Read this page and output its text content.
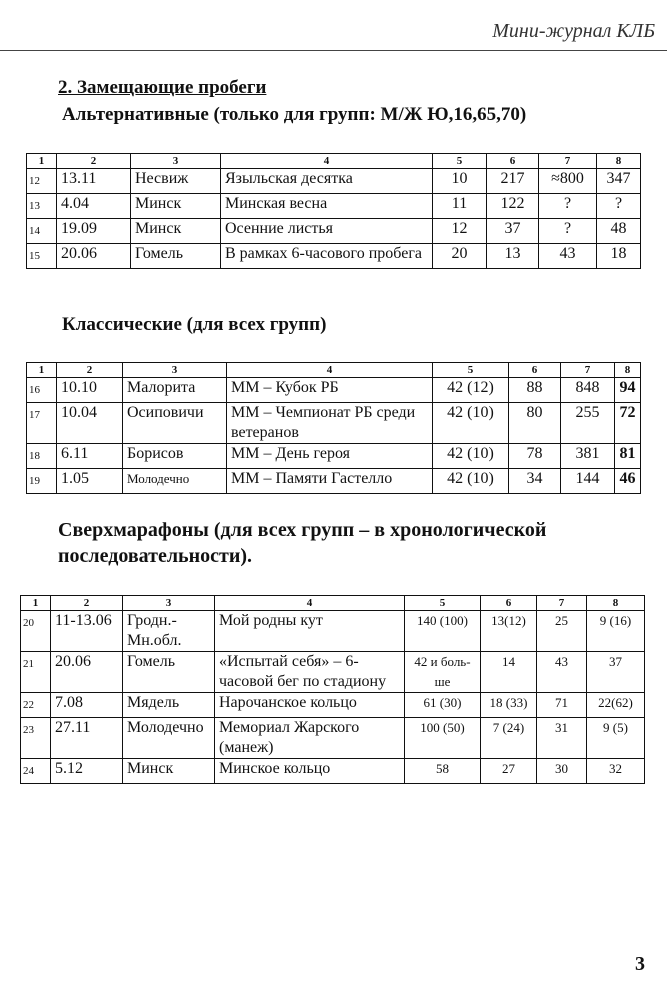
Мини-журнал КЛБ
2. Замещающие пробеги
Альтернативные (только для групп: М/Ж Ю,16,65,70)
1	2	3	4	5	6	7	8
12	13.11	Несвиж	Языльская десятка	10	217	≈800	347
13	4.04	Минск	Минская весна	11	122	?	?
14	19.09	Минск	Осенние листья	12	37	?	48
15	20.06	Гомель	В рамках 6-часового пробега	20	13	43	18
Классические (для всех групп)
1	2	3	4	5	6	7	8
16	10.10	Малорита	ММ – Кубок РБ	42 (12)	88	848	94
17	10.04	Осиповичи	ММ – Чемпионат РБ среди ветеранов	42 (10)	80	255	72
18	6.11	Борисов	ММ – День героя	42 (10)	78	381	81
19	1.05	Молодечно	ММ – Памяти Гастелло	42 (10)	34	144	46
Сверхмарафоны (для всех групп – в хронологической последовательности).
1	2	3	4	5	6	7	8
20	11-13.06	Гродн.-Мн.обл.	Мой родны кут	140 (100)	13(12)	25	9 (16)
21	20.06	Гомель	«Испытай себя» – 6-часовой бег по стадиону	42 и боль-ше	14	43	37
22	7.08	Мядель	Нарочанское кольцо	61 (30)	18 (33)	71	22(62)
23	27.11	Молодечно	Мемориал Жарского (манеж)	100 (50)	7 (24)	31	9 (5)
24	5.12	Минск	Минское кольцо	58	27	30	32
3
